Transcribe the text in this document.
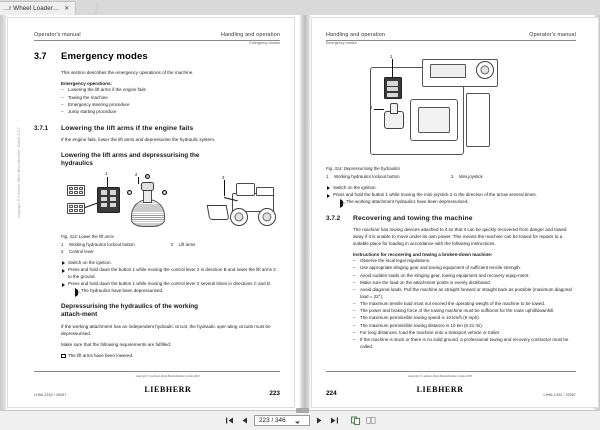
…r Wheel Loader… ✕
copyright © Liebherr-Werk Bischofshofen GmbH 2017
Operator's manual	Handling and operation
Emergency modes
3.7	Emergency modes

This section describes the emergency operations of the machine.

Emergency operations:

– Lowering the lift arms if the engine fails
– Towing the machine
– Emergency steering procedure
– Jump starting procedure
3.7.1	Lowering the lift arms if the engine fails

If the engine fails, lower the lift arms and depressurise the hydraulic system.

Lowering the lift arms and depressurising the hydraulics
1	2	B
C	D
3
Fig. 313: Lower the lift arms
1	Working hydraulics lockout button	3	Lift arms
2	Control lever
Switch on the ignition.
Press and hold down the button 1 while moving the control lever 2 in direction B and lower the lift arms 3 to the ground.
Press and hold down the button 1 while moving the control lever 2 several times in directions C and D.
▷ The hydraulics have been depressurised.
Depressurising the hydraulics of the working attach-ment

If the working attachment has an independent hydraulic circuit, the hydraulic oper-ating circuits must be depressurised.

Make sure that the following requirements are fulfilled:

The lift arms have been lowered.
LH96-1332 / 39267
copyright © Liebherr-Werk Bischofshofen GmbH 2017
LIEBHERR	223
Handling and operation	Operator's manual
Emergency modes
1
2
Fig. 314: Depressurising the hydraulics
1	Working hydraulics lockout button	2	Mini joystick
Switch on the ignition.
Press and hold the button 1 while moving the mini-joystick 2 in the direction of the arrow several times.
▷ The working attachment hydraulics have been depressurised.
3.7.2	Recovering and towing the machine

The machine has towing devices attached to it so that it can be quickly recovered from danger and towed away if it is unable to move under its own power. This means the machine can be towed for repairs to a suitable place for loading in accordance with the following instructions.

Instructions for recovering and towing a broken-down machine:

– Observe the local legal regulations.
– Use appropriate slinging gear and towing equipment of sufficient tensile strength.
– Avoid sudden loads on the slinging gear, towing equipment and recovery equip-ment.
– Make sure the load on the attachment points is evenly distributed.
– Avoid diagonal loads. Pull the machine as straight forward or straight back as possible (maximum diagonal load = 22°).
– The maximum tensile load must not exceed the operating weight of the machine to be towed.
– The power and braking force of the towing machine must be sufficient for the route uphill/downhill.
– The maximum permissible towing speed is 10 km/h (6 mph).
– The maximum permissible towing distance is 10 km (6.21 mi).
– For long distances, load the machine onto a transport vehicle or trailer.
– If the machine is stuck or there is no solid ground, a professional towing and recovery contractor must be called.
224
copyright © Liebherr-Werk Bischofshofen GmbH 2017
LIEBHERR
LH96-1332 / 39267
223 / 346
